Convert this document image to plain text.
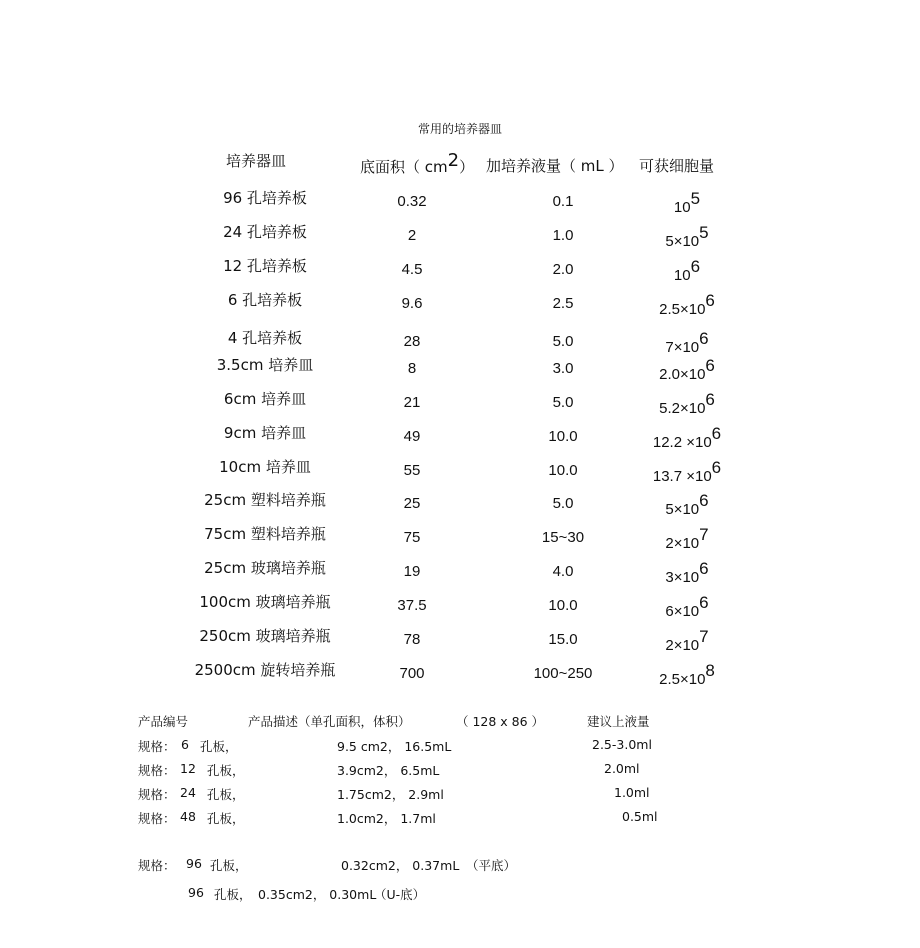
常用的培养器皿
培养器皿	底面积（ $cm^2$） 加培养液量（ mL ） 可获细胞量
96 孔培养板	0.32	0.1	$10^5$
24 孔培养板	2	1.0	$5\times 10^5$
12 孔培养板	4.5	2.0	$10^6$
6 孔培养板	9.6	2.5	$2.5\times 10^6$
4 孔培养板	28	5.0	$7\times 10^6$
3.5cm 培养皿	8	3.0	$2.0\times 10^6$
6cm 培养皿	21	5.0	$5.2\times 10^6$
9cm 培养皿	49	10.0	$12.2 \times 10^6$
10cm 培养皿	55	10.0	$13.7 \times 10^6$
25cm 塑料培养瓶	25	5.0	$5\times 10^6$
75cm 塑料培养瓶	75	15~30	$2\times 10^7$
25cm 玻璃培养瓶	19	4.0	$3\times 10^6$
100cm 玻璃培养瓶	37.5	10.0	$6\times 10^6$
250cm 玻璃培养瓶	78	15.0	$2\times 10^7$
2500cm 旋转培养瓶	700	100~250	$2.5\times 10^8$
产品编号	产品描述（单孔面积，体积）	（ 128 x 86 ）	建议上液量
规格： 6 孔板，	9.5 cm2， 16.5mL	2.5-3.0ml
规格： 12 孔板，	3.9cm2， 6.5mL	2.0ml
规格： 24 孔板，	1.75cm2， 2.9ml	1.0ml
规格： 48 孔板，	1.0cm2， 1.7ml	0.5ml
规格： 96 孔板，	0.32cm2， 0.37mL （平底）
96 孔板， 0.35cm2， 0.30mL
（U-底）
